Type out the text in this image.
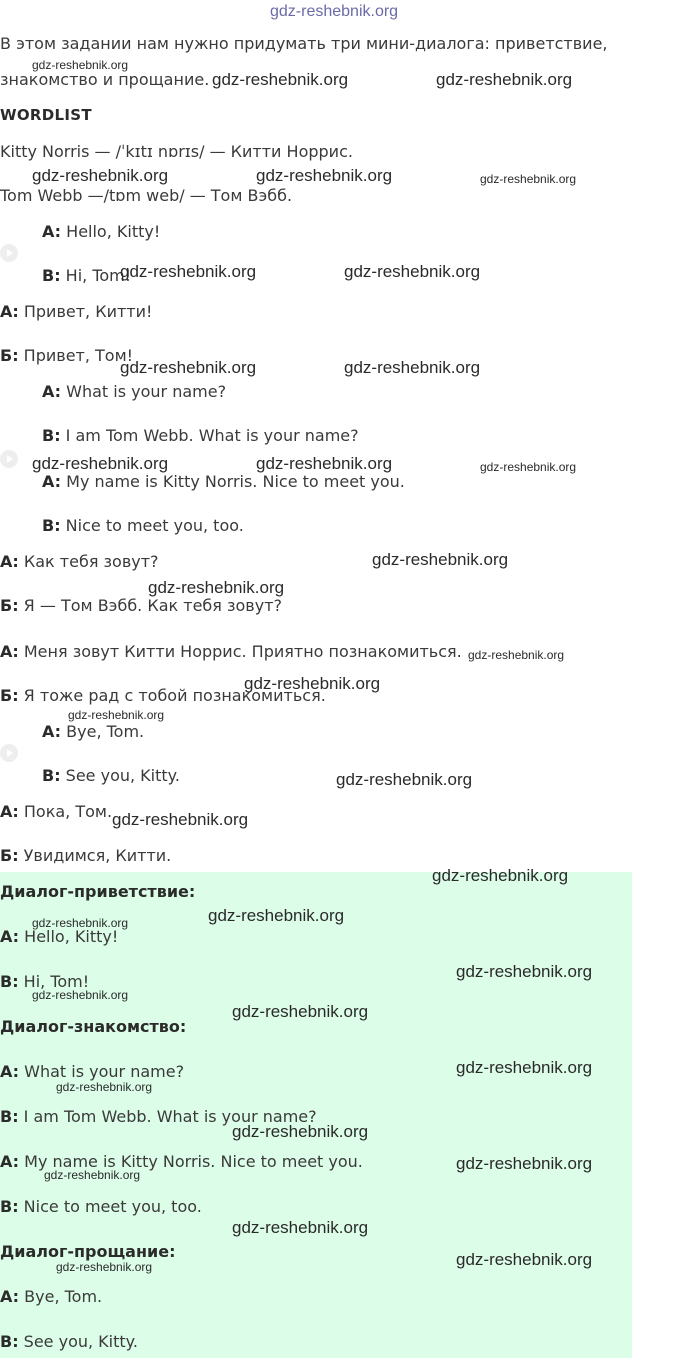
gdz-reshebnik.org
В этом задании нам нужно придумать три мини-диалога: приветствие,
знакомство и прощание.
WORDLIST
Kitty Norris — /ˈkɪtɪ nɒrɪs/ — Китти Норрис.
Tom Webb —/tɒm web/ — Том Вэбб.
A: Hello, Kitty!
B: Hi, Tom!
А: Привет, Китти!
Б: Привет, Том!
A: What is your name?
B: I am Tom Webb. What is your name?
A: My name is Kitty Norris. Nice to meet you.
B: Nice to meet you, too.
А: Как тебя зовут?
Б: Я — Том Вэбб. Как тебя зовут?
А: Меня зовут Китти Норрис. Приятно познакомиться.
Б: Я тоже рад с тобой познакомиться.
A: Bye, Tom.
B: See you, Kitty.
А: Пока, Том.
Б: Увидимся, Китти.
Диалог-приветствие:
A: Hello, Kitty!
B: Hi, Tom!
Диалог-знакомство:
A: What is your name?
B: I am Tom Webb. What is your name?
A: My name is Kitty Norris. Nice to meet you.
B: Nice to meet you, too.
Диалог-прощание:
A: Bye, Tom.
B: See you, Kitty.
gdz-reshebnik.org
gdz-reshebnik.org	gdz-reshebnik.org
gdz-reshebnik.org	gdz-reshebnik.org	gdz-reshebnik.org
gdz-reshebnik.org	gdz-reshebnik.org
gdz-reshebnik.org	gdz-reshebnik.org
gdz-reshebnik.org	gdz-reshebnik.org	gdz-reshebnik.org
gdz-reshebnik.org
gdz-reshebnik.org
gdz-reshebnik.org
gdz-reshebnik.org
gdz-reshebnik.org
gdz-reshebnik.org
gdz-reshebnik.org
gdz-reshebnik.org
gdz-reshebnik.org
gdz-reshebnik.org
gdz-reshebnik.org
gdz-reshebnik.org
gdz-reshebnik.org
gdz-reshebnik.org
gdz-reshebnik.org
gdz-reshebnik.org
gdz-reshebnik.org
gdz-reshebnik.org
gdz-reshebnik.org
gdz-reshebnik.org
gdz-reshebnik.org
